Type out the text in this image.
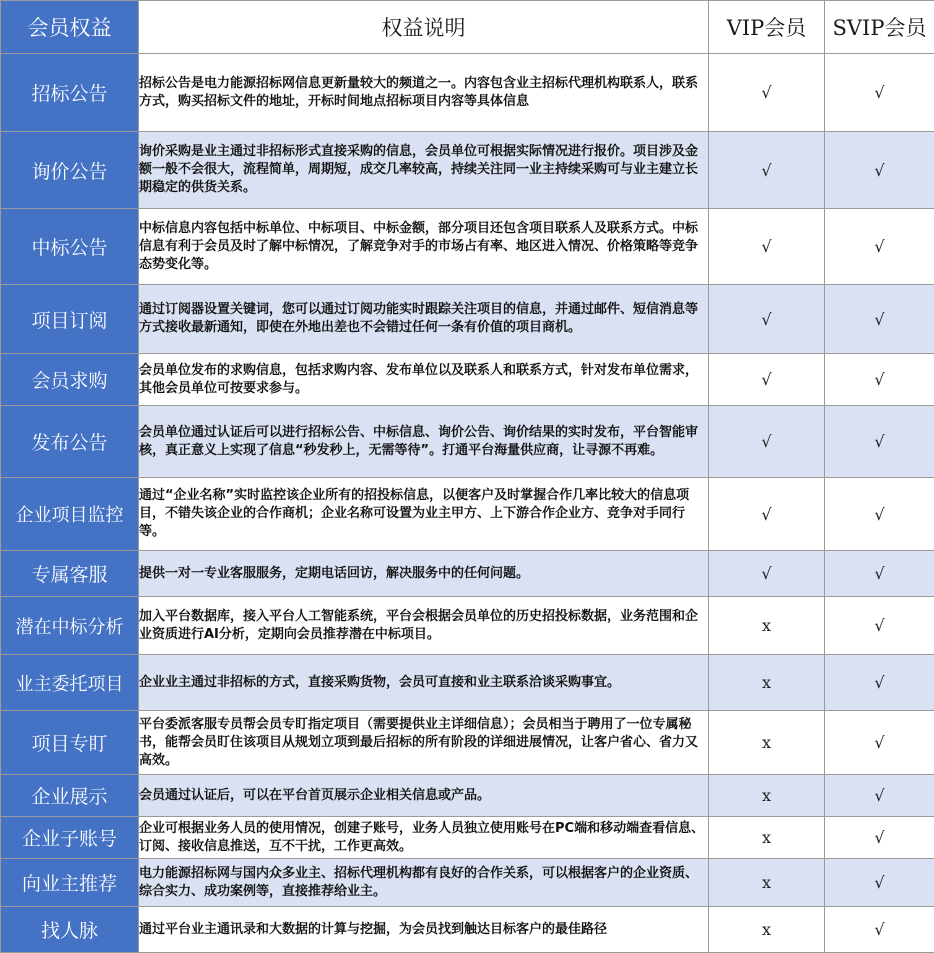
会员权益	权益说明	VIP会员	SVIP会员
招标公告	招标公告是电力能源招标网信息更新量较大的频道之一。内容包含业主招标代理机构联系人，联系方式，购买招标文件的地址，开标时间地点招标项目内容等具体信息	√	√
询价公告	询价采购是业主通过非招标形式直接采购的信息，会员单位可根据实际情况进行报价。项目涉及金额一般不会很大，流程简单，周期短，成交几率较高，持续关注同一业主持续采购可与业主建立长期稳定的供货关系。	√	√
中标公告	中标信息内容包括中标单位、中标项目、中标金额，部分项目还包含项目联系人及联系方式。中标信息有利于会员及时了解中标情况，了解竞争对手的市场占有率、地区进入情况、价格策略等竞争态势变化等。	√	√
项目订阅	通过订阅器设置关键词，您可以通过订阅功能实时跟踪关注项目的信息，并通过邮件、短信消息等方式接收最新通知，即使在外地出差也不会错过任何一条有价值的项目商机。	√	√
会员求购	会员单位发布的求购信息，包括求购内容、发布单位以及联系人和联系方式，针对发布单位需求，其他会员单位可按要求参与。	√	√
发布公告	会员单位通过认证后可以进行招标公告、中标信息、询价公告、询价结果的实时发布，平台智能审核，真正意义上实现了信息“秒发秒上，无需等待”。打通平台海量供应商，让寻源不再难。	√	√
企业项目监控	通过“企业名称”实时监控该企业所有的招投标信息，以便客户及时掌握合作几率比较大的信息项目，不错失该企业的合作商机；企业名称可设置为业主甲方、上下游合作企业方、竞争对手同行等。	√	√
专属客服	提供一对一专业客服服务，定期电话回访，解决服务中的任何问题。	√	√
潜在中标分析	加入平台数据库，接入平台人工智能系统，平台会根据会员单位的历史招投标数据，业务范围和企业资质进行AI分析，定期向会员推荐潜在中标项目。	x	√
业主委托项目	企业业主通过非招标的方式，直接采购货物，会员可直接和业主联系洽谈采购事宜。	x	√
项目专盯	平台委派客服专员帮会员专盯指定项目（需要提供业主详细信息）；会员相当于聘用了一位专属秘书，能帮会员盯住该项目从规划立项到最后招标的所有阶段的详细进展情况，让客户省心、省力又高效。	x	√
企业展示	会员通过认证后，可以在平台首页展示企业相关信息或产品。	x	√
企业子账号	企业可根据业务人员的使用情况，创建子账号，业务人员独立使用账号在PC端和移动端查看信息、订阅、接收信息推送，互不干扰，工作更高效。	x	√
向业主推荐	电力能源招标网与国内众多业主、招标代理机构都有良好的合作关系，可以根据客户的企业资质、综合实力、成功案例等，直接推荐给业主。	x	√
找人脉	通过平台业主通讯录和大数据的计算与挖掘，为会员找到触达目标客户的最佳路径	x	√
